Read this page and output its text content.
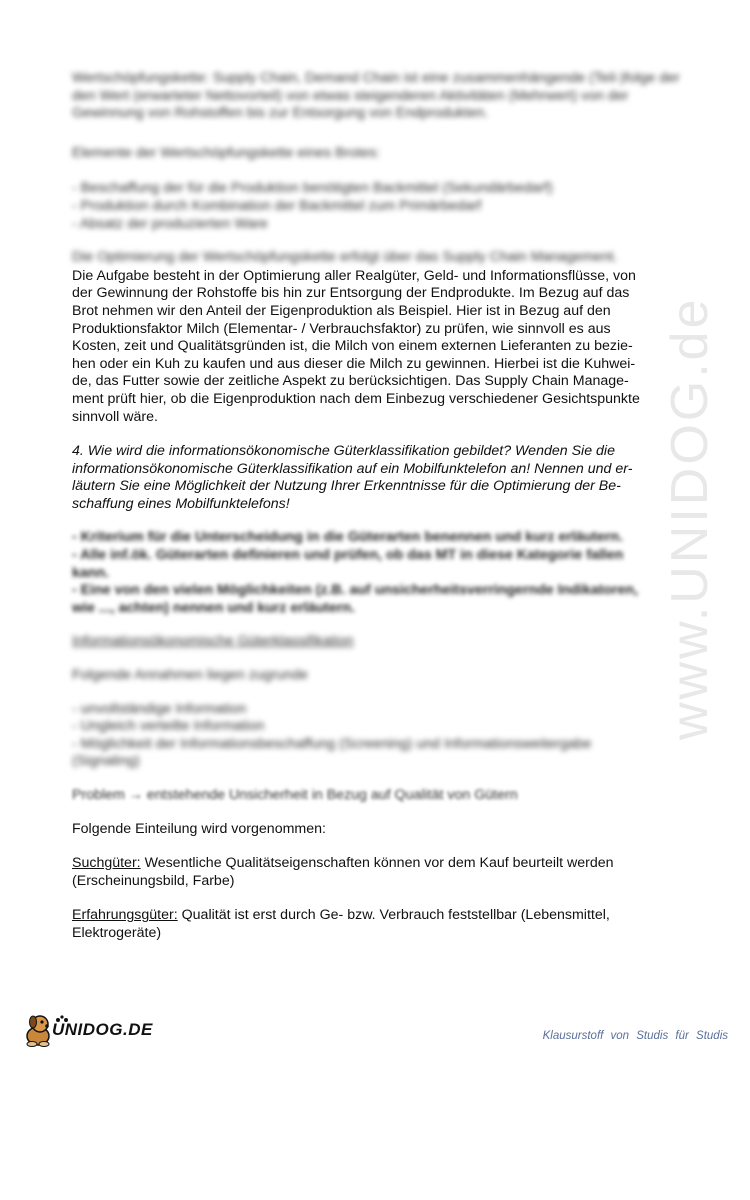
www.UNIDOG.de

Wertschöpfungskette: Supply Chain, Demand Chain ist eine zusammenhängende (Teil-)folge der den Wert (erwarteter Nettovorteil) von etwas steigenderen Aktivitäten (Mehrwert) von der Gewinnung von Rohstoffen bis zur Entsorgung von Endprodukten.

Elemente der Wertschöpfungskette eines Brotes:

- Beschaffung der für die Produktion benötigten Backmittel (Sekundärbedarf)

- Produktion durch Kombination der Backmittel zum Primärbedarf

- Absatz der produzierten Ware

Die Optimierung der Wertschöpfungskette erfolgt über das Supply Chain Management.

Die Aufgabe besteht in der Optimierung aller Realgüter, Geld- und Informationsflüsse, von

der Gewinnung der Rohstoffe bis hin zur Entsorgung der Endprodukte. Im Bezug auf das

Brot nehmen wir den Anteil der Eigenproduktion als Beispiel. Hier ist in Bezug auf den

Produktionsfaktor Milch (Elementar- / Verbrauchsfaktor) zu prüfen, wie sinnvoll es aus

Kosten, zeit und Qualitätsgründen ist, die Milch von einem externen Lieferanten zu bezie-

hen oder ein Kuh zu kaufen und aus dieser die Milch zu gewinnen. Hierbei ist die Kuhwei-

de, das Futter sowie der zeitliche Aspekt zu berücksichtigen. Das Supply Chain Manage-

ment prüft hier, ob die Eigenproduktion nach dem Einbezug verschiedener Gesichtspunkte

sinnvoll wäre.

4. Wie wird die informationsökonomische Güterklassifikation gebildet? Wenden Sie die

informationsökonomische Güterklassifikation auf ein Mobilfunktelefon an! Nennen und er-

läutern Sie eine Möglichkeit der Nutzung Ihrer Erkenntnisse für die Optimierung der Be-

schaffung eines Mobilfunktelefons!

- Kriterium für die Unterscheidung in die Güterarten benennen und kurz erläutern.

- Alle inf.ök. Güterarten definieren und prüfen, ob das MT in diese Kategorie fallen

kann.

- Eine von den vielen Möglichkeiten (z.B. auf unsicherheitsverringernde Indikatoren,

wie ..., achten) nennen und kurz erläutern.

Informationsökonomische Güterklassifikation

Folgende Annahmen liegen zugrunde

- unvollständige Information

- Ungleich verteilte Information

- Möglichkeit der Informationsbeschaffung (Screening) und Informationsweitergabe

(Signaling)

Problem → entstehende Unsicherheit in Bezug auf Qualität von Gütern

Folgende Einteilung wird vorgenommen:

Suchgüter: Wesentliche Qualitätseigenschaften können vor dem Kauf beurteilt werden

(Erscheinungsbild, Farbe)

Erfahrungsgüter: Qualität ist erst durch Ge- bzw. Verbrauch feststellbar (Lebensmittel,

Elektrogeräte)

UNIDOG.DE	Klausurstoff von Studis für Studis
